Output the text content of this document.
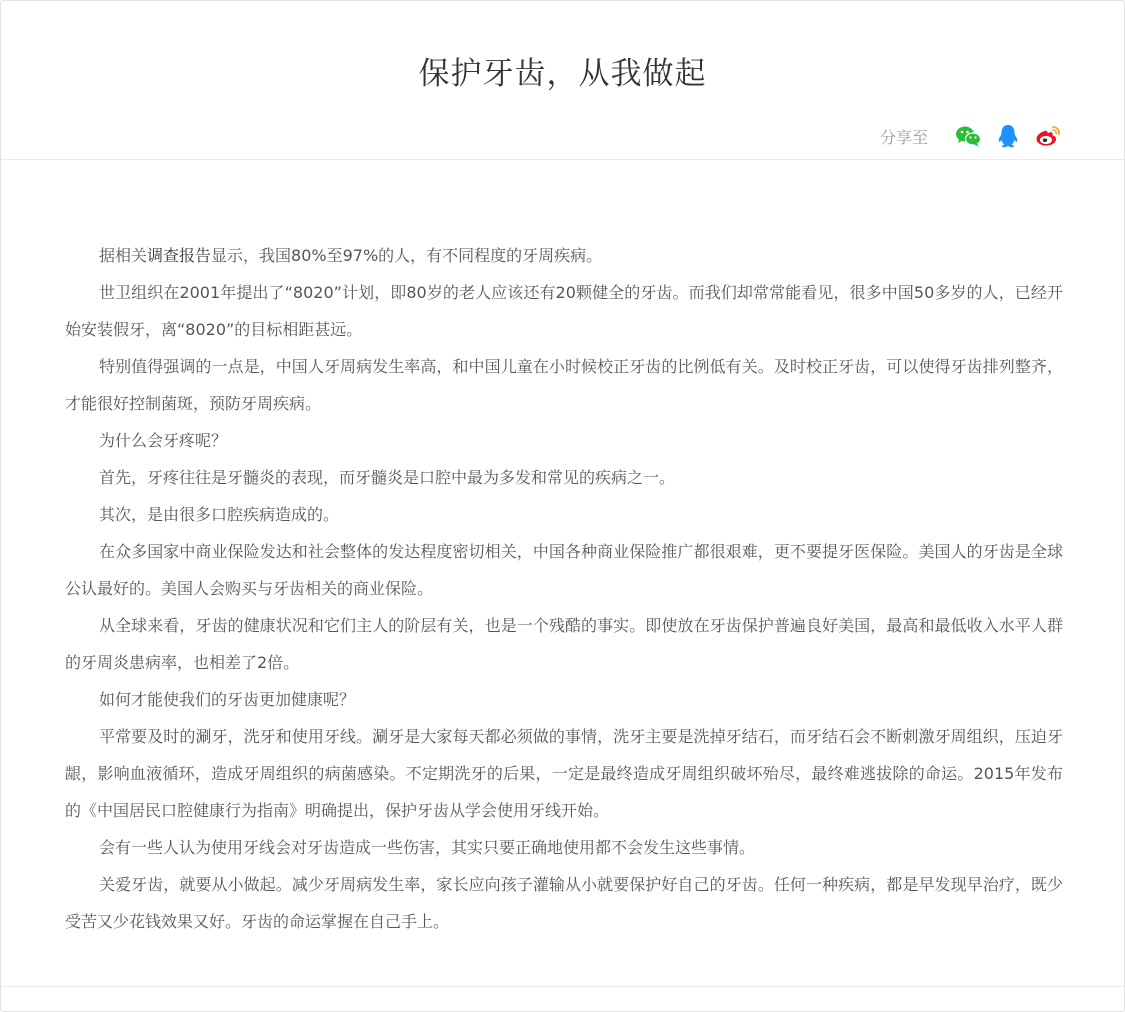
保护牙齿，从我做起
分享至

据相关调查报告显示，我国80%至97%的人，有不同程度的牙周疾病。

世卫组织在2001年提出了“8020”计划，即80岁的老人应该还有20颗健全的牙齿。而我们却常常能看见，很多中国50多岁的人，已经开始安装假牙，离“8020”的目标相距甚远。

特别值得强调的一点是，中国人牙周病发生率高，和中国儿童在小时候校正牙齿的比例低有关。及时校正牙齿，可以使得牙齿排列整齐，才能很好控制菌斑，预防牙周疾病。

为什么会牙疼呢？

首先，牙疼往往是牙髓炎的表现，而牙髓炎是口腔中最为多发和常见的疾病之一。

其次，是由很多口腔疾病造成的。

在众多国家中商业保险发达和社会整体的发达程度密切相关，中国各种商业保险推广都很艰难，更不要提牙医保险。美国人的牙齿是全球公认最好的。美国人会购买与牙齿相关的商业保险。

从全球来看，牙齿的健康状况和它们主人的阶层有关，也是一个残酷的事实。即使放在牙齿保护普遍良好美国，最高和最低收入水平人群的牙周炎患病率，也相差了2倍。

如何才能使我们的牙齿更加健康呢？

平常要及时的涮牙，洗牙和使用牙线。涮牙是大家每天都必须做的事情，洗牙主要是洗掉牙结石，而牙结石会不断刺激牙周组织，压迫牙龈，影响血液循环，造成牙周组织的病菌感染。不定期洗牙的后果，一定是最终造成牙周组织破坏殆尽，最终难逃拔除的命运。2015年发布的《中国居民口腔健康行为指南》明确提出，保护牙齿从学会使用牙线开始。

会有一些人认为使用牙线会对牙齿造成一些伤害，其实只要正确地使用都不会发生这些事情。

关爱牙齿，就要从小做起。减少牙周病发生率，家长应向孩子灌输从小就要保护好自己的牙齿。任何一种疾病，都是早发现早治疗，既少受苦又少花钱效果又好。牙齿的命运掌握在自己手上。
